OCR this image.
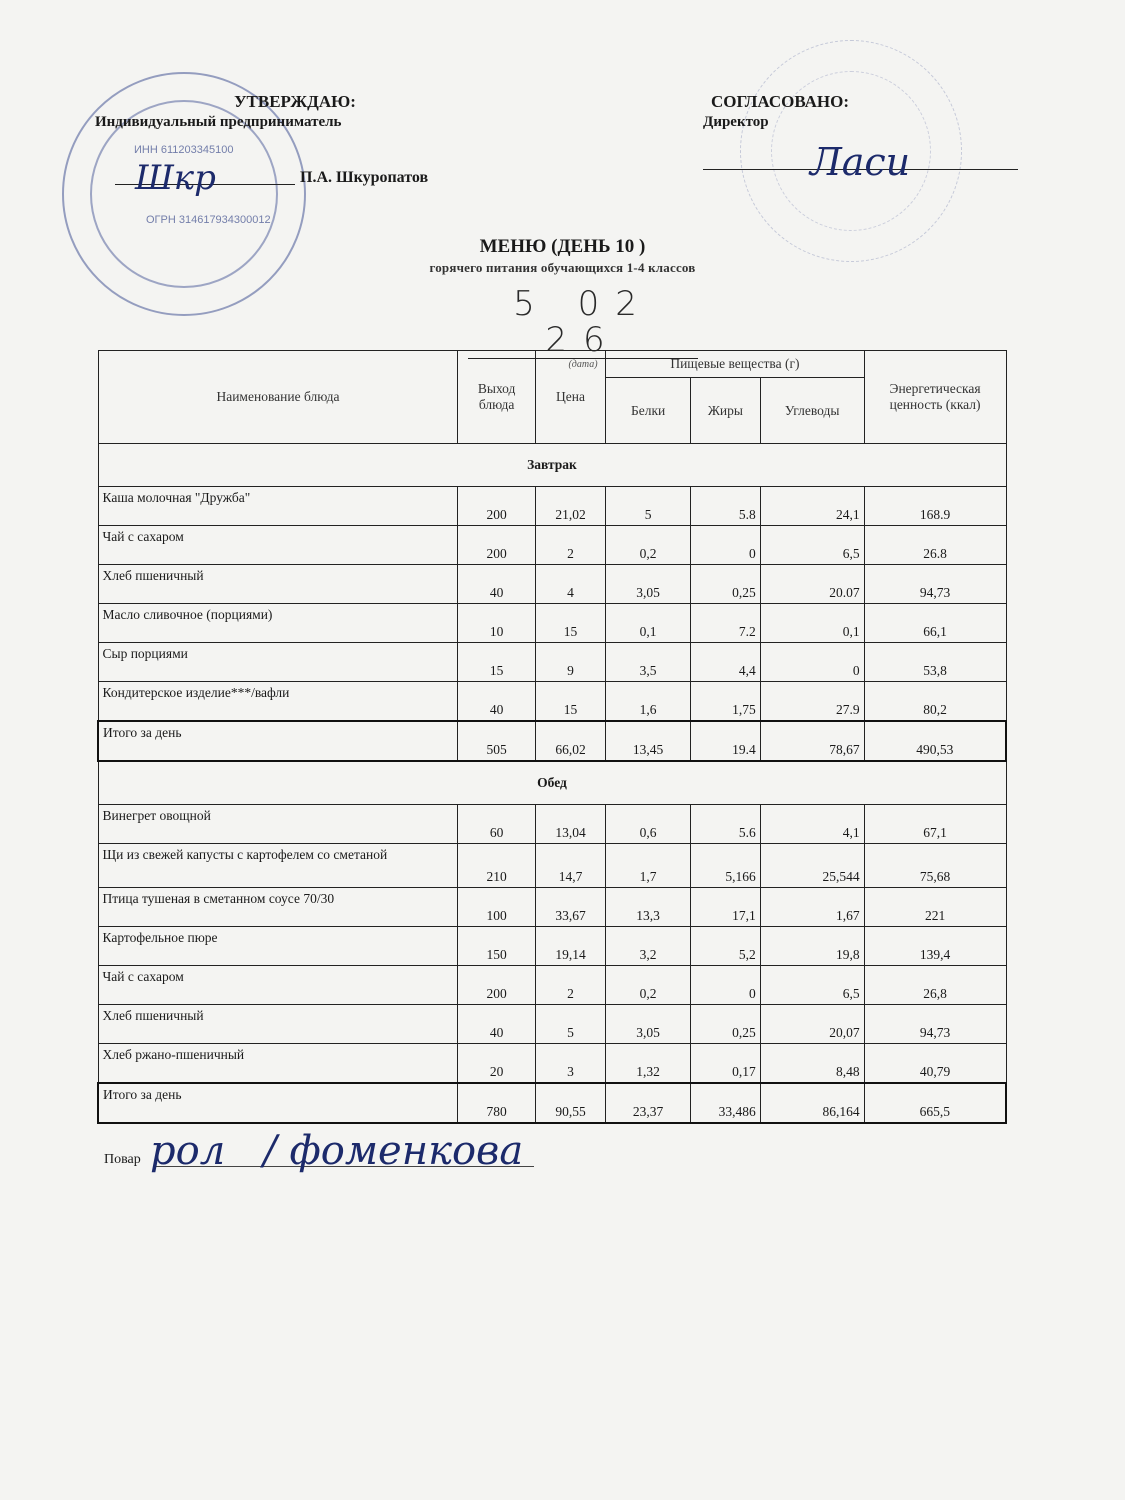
ИНН 611203345100
ОГРН 314617934300012
УТВЕРЖДАЮ:
Индивидуальный предприниматель
П.А. Шкуропатов
Шкр
СОГЛАСОВАНО:
Директор
Ласи
МЕНЮ (ДЕНЬ 10 )
горячего питания обучающихся 1-4 классов
5 02 26
(дата)
Наименование блюда	Выход блюда	Цена	Пищевые вещества (г)			Энергетическая ценность (ккал)
			Белки	Жиры	Углеводы	
Завтрак						
Каша молочная "Дружба"	200	21,02	5	5.8	24,1	168.9
Чай с сахаром	200	2	0,2	0	6,5	26.8
Хлеб пшеничный	40	4	3,05	0,25	20.07	94,73
Масло сливочное (порциями)	10	15	0,1	7.2	0,1	66,1
Сыр порциями	15	9	3,5	4,4	0	53,8
Кондитерское изделие***/вафли	40	15	1,6	1,75	27.9	80,2
Итого за день	505	66,02	13,45	19.4	78,67	490,53
Обед						
Винегрет овощной	60	13,04	0,6	5.6	4,1	67,1
Щи из свежей капусты с картофелем со сметаной	210	14,7	1,7	5,166	25,544	75,68
Птица тушеная в сметанном соусе 70/30	100	33,67	13,3	17,1	1,67	221
Картофельное пюре	150	19,14	3,2	5,2	19,8	139,4
Чай с сахаром	200	2	0,2	0	6,5	26,8
Хлеб пшеничный	40	5	3,05	0,25	20,07	94,73
Хлеб ржано-пшеничный	20	3	1,32	0,17	8,48	40,79
Итого за день	780	90,55	23,37	33,486	86,164	665,5
Повар рол   / фоменкова
